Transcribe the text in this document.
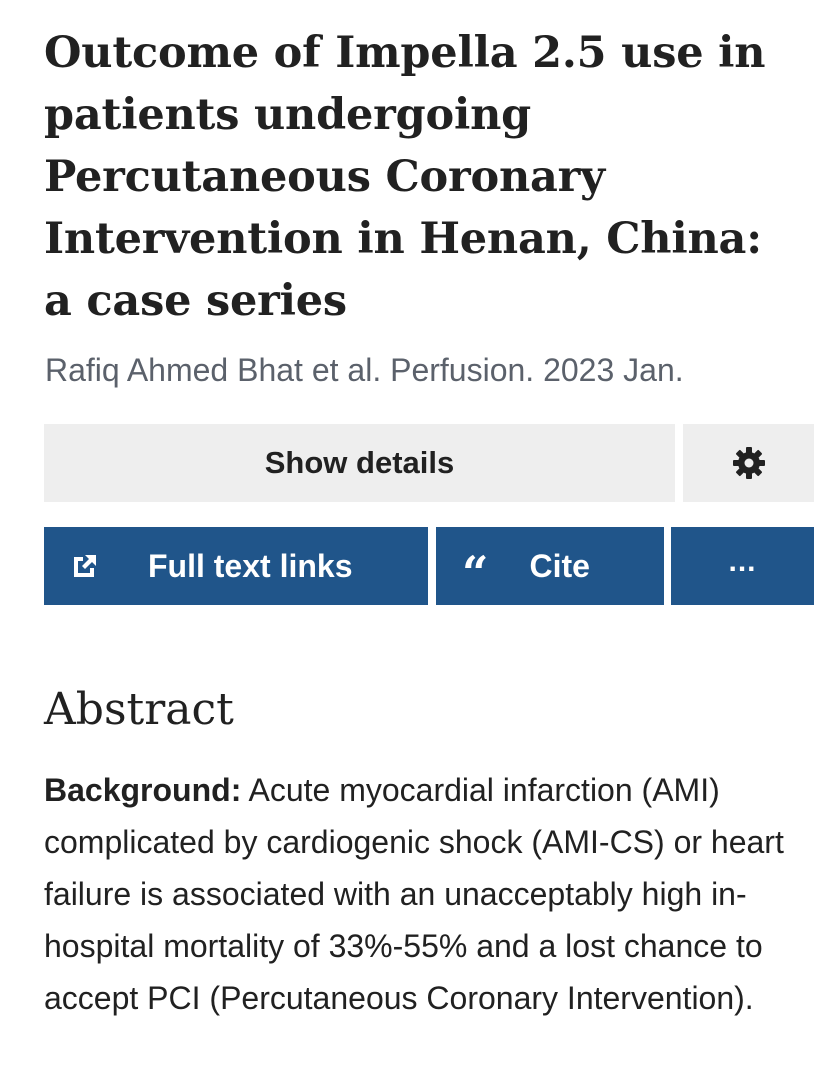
Outcome of Impella 2.5 use in patients undergoing Percutaneous Coronary Intervention in Henan, China: a case series
Rafiq Ahmed Bhat et al. Perfusion. 2023 Jan.
Show details
Full text links “ Cite	...
Abstract

Background: Acute myocardial infarction (AMI) complicated by cardiogenic shock (AMI-CS) or heart failure is associated with an unacceptably high in-hospital mortality of 33%-55% and a lost chance to accept PCI (Percutaneous Coronary Intervention).
